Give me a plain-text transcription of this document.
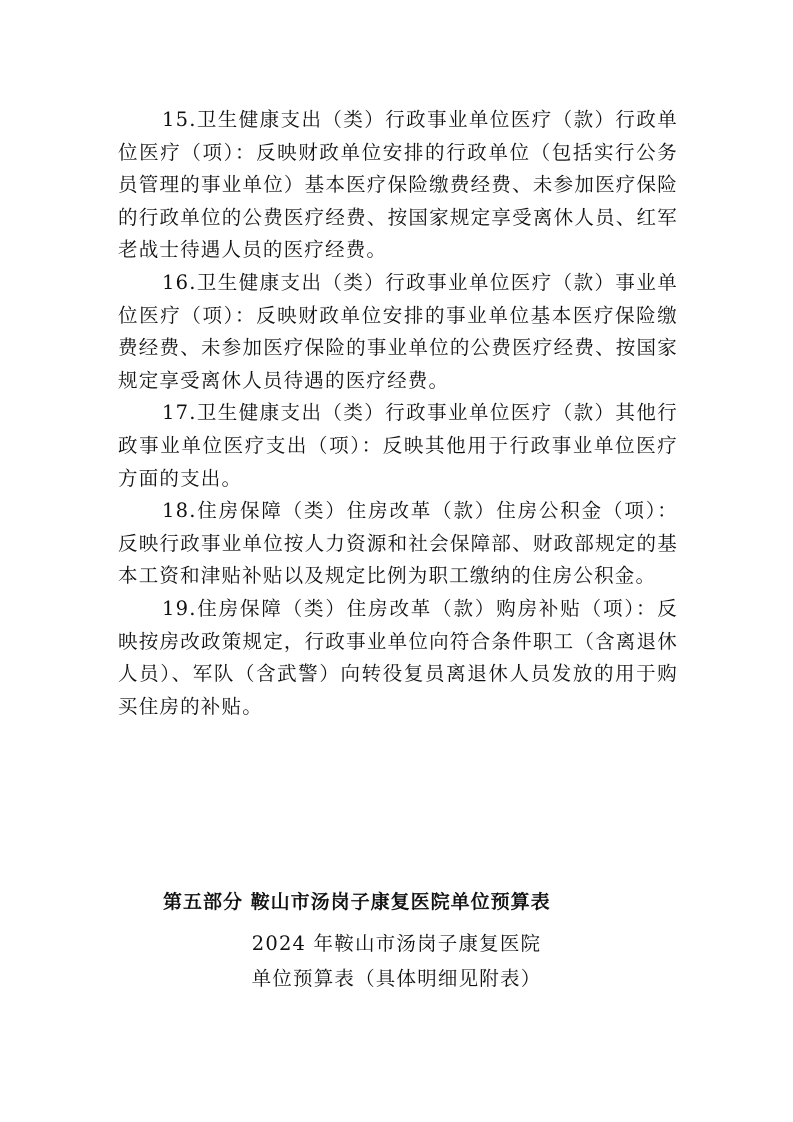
15.卫生健康支出（类）行政事业单位医疗（款）行政单位医疗（项）：反映财政单位安排的行政单位（包括实行公务员管理的事业单位）基本医疗保险缴费经费、未参加医疗保险的行政单位的公费医疗经费、按国家规定享受离休人员、红军老战士待遇人员的医疗经费。

16.卫生健康支出（类）行政事业单位医疗（款）事业单位医疗（项）：反映财政单位安排的事业单位基本医疗保险缴费经费、未参加医疗保险的事业单位的公费医疗经费、按国家规定享受离休人员待遇的医疗经费。

17.卫生健康支出（类）行政事业单位医疗（款）其他行政事业单位医疗支出（项）：反映其他用于行政事业单位医疗方面的支出。

18.住房保障（类）住房改革（款）住房公积金（项）：反映行政事业单位按人力资源和社会保障部、财政部规定的基本工资和津贴补贴以及规定比例为职工缴纳的住房公积金。

19.住房保障（类）住房改革（款）购房补贴（项）：反映按房改政策规定，行政事业单位向符合条件职工（含离退休人员）、军队（含武警）向转役复员离退休人员发放的用于购买住房的补贴。

第五部分 鞍山市汤岗子康复医院单位预算表

2024 年鞍山市汤岗子康复医院

单位预算表（具体明细见附表）
